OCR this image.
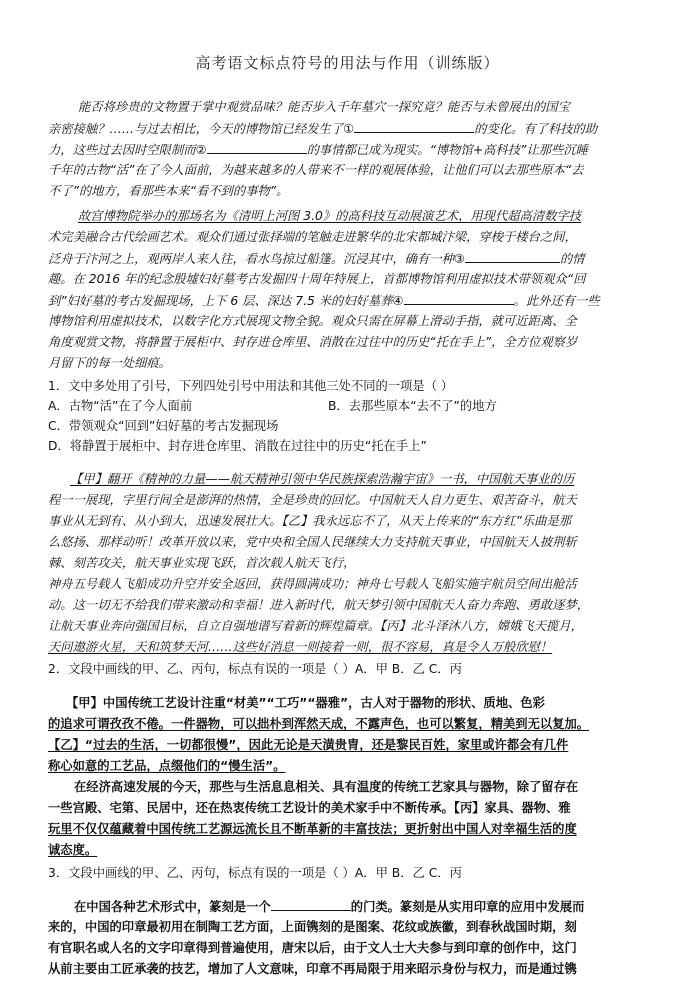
高考语文标点符号的用法与作用（训练版）
能否将珍贵的文物置于掌中观赏品味？能否步入千年墓穴一探究竟？能否与未曾展出的国宝
亲密接触？……与过去相比，今天的博物馆已经发生了①	的变化。有了科技的助
力，这些过去因时空限制而②	的事情都已成为现实。“博物馆+高科技”让那些沉睡
千年的古物“活”在了今人面前，为越来越多的人带来不一样的观展体验，让他们可以去那些原本“去
不了”的地方，看那些本来“看不到的事物”。
故宫博物院举办的那场名为《清明上河图 3.0》的高科技互动展演艺术，用现代超高清数字技
术完美融合古代绘画艺术。观众们通过张择端的笔触走进繁华的北宋都城汴梁，穿梭于楼台之间，
泛舟于汴河之上，观两岸人来人往，看水鸟掠过船篷。沉浸其中，确有一种③	的情
趣。在 2016 年的纪念殷墟妇好墓考古发掘四十周年特展上，首都博物馆利用虚拟技术带领观众“回
到”妇好墓的考古发掘现场，上下 6 层、深达 7.5 米的妇好墓葬④	。此外还有一些
博物馆利用虚拟技术，以数字化方式展现文物全貌。观众只需在屏幕上滑动手指，就可近距离、全
角度观赏文物，将静置于展柜中、封存进仓库里、消散在过往中的历史“托在手上”，全方位观察岁
月留下的每一处细痕。
1．文中多处用了引号，下列四处引号中用法和其他三处不同的一项是（ ）
A．古物“活”在了今人面前	B．去那些原本“去不了”的地方
C．带领观众“回到”妇好墓的考古发掘现场
D．将静置于展柜中、封存进仓库里、消散在过往中的历史“托在手上”
【甲】翻开《精神的力量——航天精神引领中华民族探索浩瀚宇宙》一书，中国航天事业的历
程一一展现，字里行间全是澎湃的热情，全是珍贵的回忆。中国航天人自力更生、艰苦奋斗，航天
事业从无到有、从小到大，迅速发展壮大。【乙】我永远忘不了，从天上传来的“东方红”乐曲是那
么悠扬、那样动听！改革开放以来，党中央和全国人民继续大力支持航天事业，中国航天人披荆斩
棘、刻苦攻关，航天事业实现飞跃，首次载人航天飞行，
神舟五号载人飞船成功升空并安全返回，获得圆满成功；神舟七号载人飞船实施宇航员空间出舱活
动。这一切无不给我们带来激动和幸福！进入新时代，航天梦引领中国航天人奋力奔跑、勇敢逐梦，
让航天事业奔向强国目标，自立自强地谱写着新的辉煌篇章。【丙】北斗泽沐八方，嫦娥飞天揽月，
天问遨游火星，天和筑梦天河……这些好消息一则接着一则，很不容易，真是令人万般欣慰！
2．文段中画线的甲、乙、丙句，标点有误的一项是（ ）A．甲 B．乙 C．丙
【甲】中国传统工艺设计注重“材美”“工巧”“器雅”，古人对于器物的形状、质地、色彩
的追求可谓孜孜不倦。一件器物，可以拙朴到浑然天成，不露声色，也可以繁复，精美到无以复加。
【乙】“过去的生活，一切都很慢”，因此无论是天潢贵胄，还是黎民百姓，家里或许都会有几件
称心如意的工艺品，点缀他们的“慢生活”。
在经济高速发展的今天，那些与生活息息相关、具有温度的传统工艺家具与器物，除了留存在
一些宫殿、宅第、民居中，还在热衷传统工艺设计的美术家手中不断传承。【丙】家具、器物、雅
玩里不仅仅蕴藏着中国传统工艺源远流长且不断革新的丰富技法；更折射出中国人对幸福生活的度
诚态度。
3．文段中画线的甲、乙、丙句，标点有误的一项是（ ）A．甲 B．乙 C．丙
在中国各种艺术形式中，篆刻是一个	的门类。篆刻是从实用印章的应用中发展而
来的，中国的印章最初用在制陶工艺方面，上面镌刻的是图案、花纹或族徽，到春秋战国时期，刻
有官职名或人名的文字印章得到普遍使用，唐宋以后，由于文人士大夫参与到印章的创作中，这门
从前主要由工匠承袭的技艺，增加了人文意味，印章不再局限于用来昭示身份与权力，而是通过镌
